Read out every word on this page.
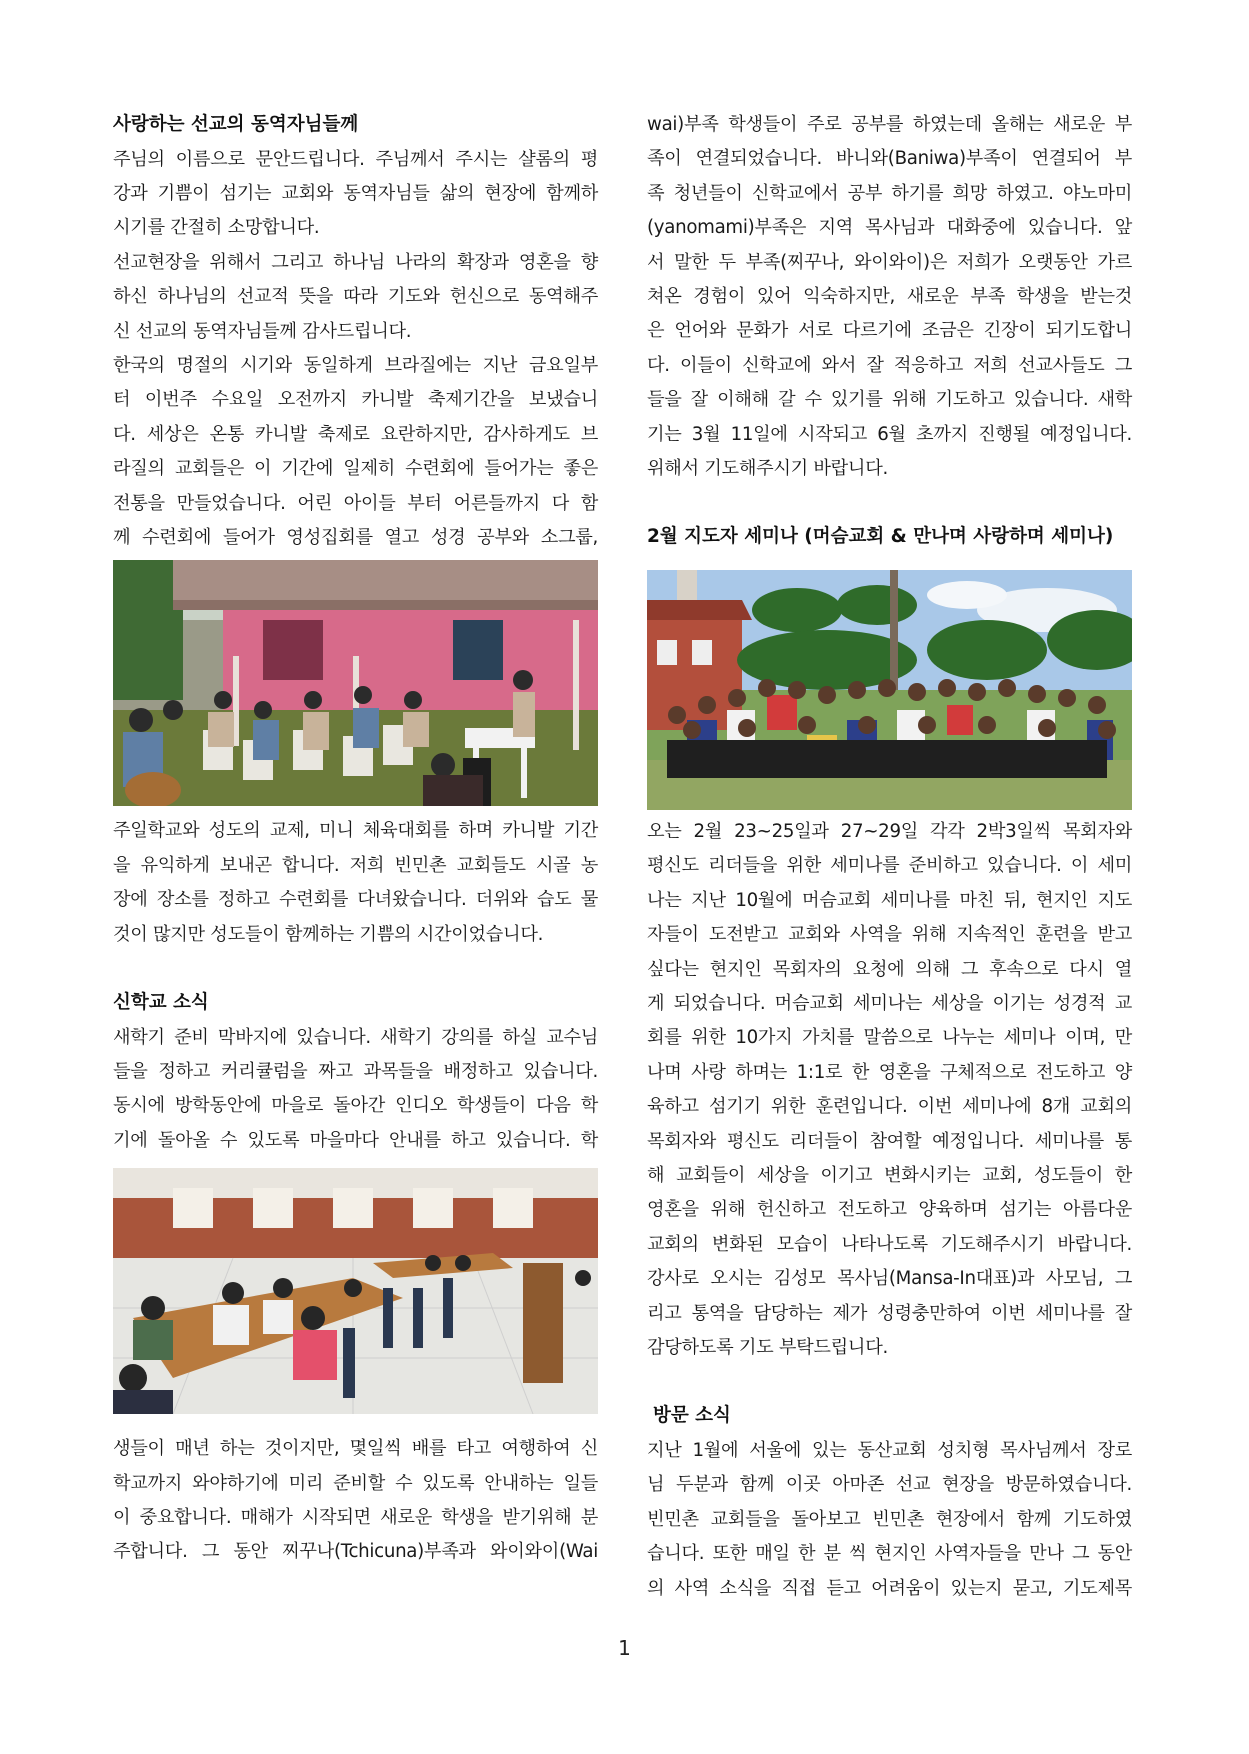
사랑하는 선교의 동역자님들께
주님의 이름으로 문안드립니다. 주님께서 주시는 샬롬의 평
강과 기쁨이 섬기는 교회와 동역자님들 삶의 현장에 함께하
시기를 간절히 소망합니다.
선교현장을 위해서 그리고 하나님 나라의 확장과 영혼을 향
하신 하나님의 선교적 뜻을 따라 기도와 헌신으로 동역해주
신 선교의 동역자님들께 감사드립니다.
한국의 명절의 시기와 동일하게 브라질에는 지난 금요일부
터 이번주 수요일 오전까지 카니발 축제기간을 보냈습니
다. 세상은 온통 카니발 축제로 요란하지만, 감사하게도 브
라질의 교회들은 이 기간에 일제히 수련회에 들어가는 좋은
전통을 만들었습니다. 어린 아이들 부터 어른들까지 다 함
께 수련회에 들어가 영성집회를 열고 성경 공부와 소그룹,
주일학교와 성도의 교제, 미니 체육대회를 하며 카니발 기간
을 유익하게 보내곤 합니다. 저희 빈민촌 교회들도 시골 농
장에 장소를 정하고 수련회를 다녀왔습니다. 더위와 습도 물
것이 많지만 성도들이 함께하는 기쁨의 시간이었습니다.
신학교 소식
새학기 준비 막바지에 있습니다. 새학기 강의를 하실 교수님
들을 정하고 커리큘럼을 짜고 과목들을 배정하고 있습니다.
동시에 방학동안에 마을로 돌아간 인디오 학생들이 다음 학
기에 돌아올 수 있도록 마을마다 안내를 하고 있습니다. 학
생들이 매년 하는 것이지만, 몇일씩 배를 타고 여행하여 신
학교까지 와야하기에 미리 준비할 수 있도록 안내하는 일들
이 중요합니다. 매해가 시작되면 새로운 학생을 받기위해 분
주합니다. 그 동안 찌꾸나(Tchicuna)부족과 와이와이(Wai
wai)부족 학생들이 주로 공부를 하였는데 올해는 새로운 부
족이 연결되었습니다. 바니와(Baniwa)부족이 연결되어 부
족 청년들이 신학교에서 공부 하기를 희망 하였고. 야노마미
(yanomami)부족은 지역 목사님과 대화중에 있습니다. 앞
서 말한 두 부족(찌꾸나, 와이와이)은 저희가 오랫동안 가르
쳐온 경험이 있어 익숙하지만, 새로운 부족 학생을 받는것
은 언어와 문화가 서로 다르기에 조금은 긴장이 되기도합니
다. 이들이 신학교에 와서 잘 적응하고 저희 선교사들도 그
들을 잘 이해해 갈 수 있기를 위해 기도하고 있습니다. 새학
기는 3월 11일에 시작되고 6월 초까지 진행될 예정입니다.
위해서 기도해주시기 바랍니다.
2월 지도자 세미나 (머슴교회 & 만나며 사랑하며 세미나)
오는 2월 23~25일과 27~29일 각각 2박3일씩 목회자와
평신도 리더들을 위한 세미나를 준비하고 있습니다. 이 세미
나는 지난 10월에 머슴교회 세미나를 마친 뒤, 현지인 지도
자들이 도전받고 교회와 사역을 위해 지속적인 훈련을 받고
싶다는 현지인 목회자의 요청에 의해 그 후속으로 다시 열
게 되었습니다. 머슴교회 세미나는 세상을 이기는 성경적 교
회를 위한 10가지 가치를 말씀으로 나누는 세미나 이며, 만
나며 사랑 하며는 1:1로 한 영혼을 구체적으로 전도하고 양
육하고 섬기기 위한 훈련입니다. 이번 세미나에 8개 교회의
목회자와 평신도 리더들이 참여할 예정입니다. 세미나를 통
해 교회들이 세상을 이기고 변화시키는 교회, 성도들이 한
영혼을 위해 헌신하고 전도하고 양육하며 섬기는 아름다운
교회의 변화된 모습이 나타나도록 기도해주시기 바랍니다.
강사로 오시는 김성모 목사님(Mansa-In대표)과 사모님, 그
리고 통역을 담당하는 제가 성령충만하여 이번 세미나를 잘
감당하도록 기도 부탁드립니다.
방문 소식
지난 1월에 서울에 있는 동산교회 성치형 목사님께서 장로
님 두분과 함께 이곳 아마존 선교 현장을 방문하였습니다.
빈민촌 교회들을 돌아보고 빈민촌 현장에서 함께 기도하였
습니다. 또한 매일 한 분 씩 현지인 사역자들을 만나 그 동안
의 사역 소식을 직접 듣고 어려움이 있는지 묻고, 기도제목
1
